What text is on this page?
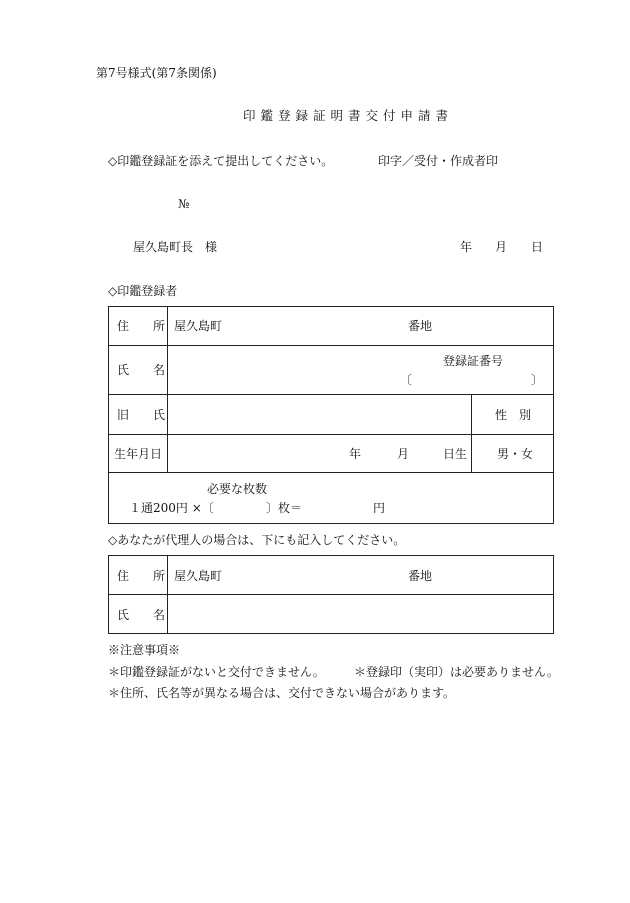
第7号様式(第7条関係)
印鑑登録証明書交付申請書
◇印鑑登録証を添えて提出してください。	印字／受付・作成者印
№
屋久島町長　様	年 月 日
◇印鑑登録者
住　　所 屋久島町	番地
氏　　名
登録証番号
〔	〕
旧　　氏	性　別
生年月日	年	月	日生 男・女
必要な枚数
１通200円 ×〔	〕枚＝	円
◇あなたが代理人の場合は、下にも記入してください。
住　　所 屋久島町	番地
氏　　名
※注意事項※
＊印鑑登録証がないと交付できません。 ＊登録印（実印）は必要ありません。
＊住所、氏名等が異なる場合は、交付できない場合があります。
